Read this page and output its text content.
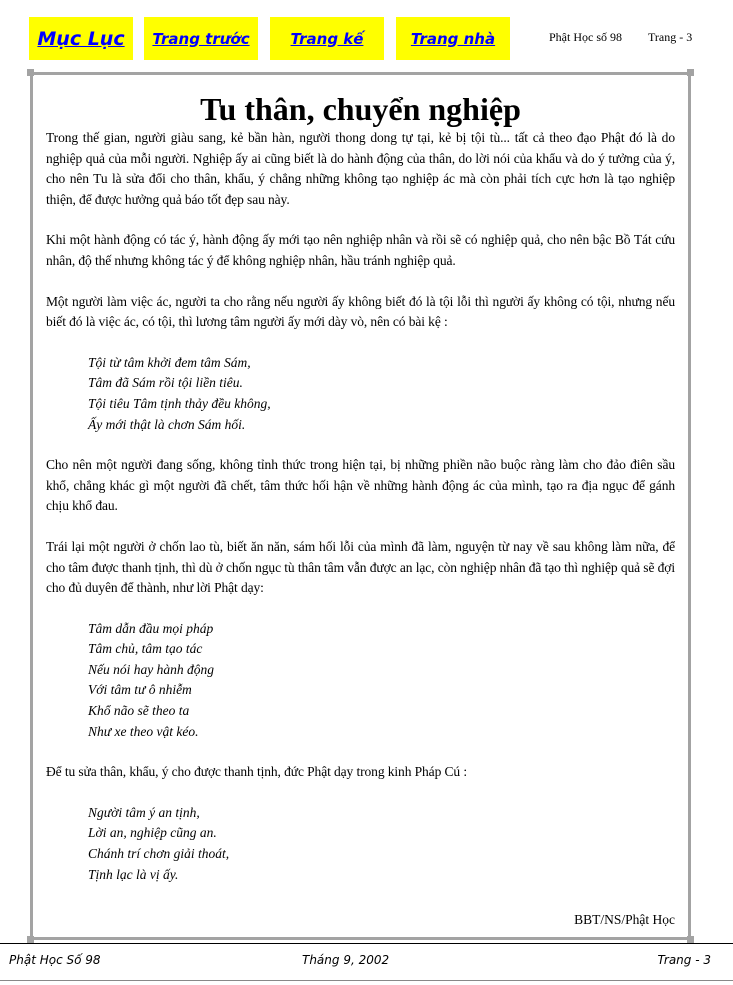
Mục Lục	Trang trước	Trang kế	Trang nhà	Phật Học số 98 Trang - 3
Tu thân, chuyển nghiệp

Trong thế gian, người giàu sang, kẻ bần hàn, người thong dong tự tại, kẻ bị tội tù... tất cả theo đạo Phật đó là do nghiệp quả của mỗi người. Nghiệp ấy ai cũng biết là do hành động của thân, do lời nói của khẩu và do ý tưởng của ý, cho nên Tu là sửa đổi cho thân, khẩu, ý chẳng những không tạo nghiệp ác mà còn phải tích cực hơn là tạo nghiệp thiện, để được hưởng quả báo tốt đẹp sau này.

Khi một hành động có tác ý, hành động ấy mới tạo nên nghiệp nhân và rồi sẽ có nghiệp quả, cho nên bậc Bồ Tát cứu nhân, độ thế nhưng không tác ý để không nghiệp nhân, hầu tránh nghiệp quả.

Một người làm việc ác, người ta cho rằng nếu người ấy không biết đó là tội lỗi thì người ấy không có tội, nhưng nếu biết đó là việc ác, có tội, thì lương tâm người ấy mới dày vò, nên có bài kệ :

Tội từ tâm khởi đem tâm Sám,
Tâm đã Sám rồi tội liền tiêu.
Tội tiêu Tâm tịnh thảy đều không,
Ấy mới thật là chơn Sám hối.

Cho nên một người đang sống, không tỉnh thức trong hiện tại, bị những phiền não buộc ràng làm cho đảo điên sầu khổ, chẳng khác gì một người đã chết, tâm thức hối hận về những hành động ác của mình, tạo ra địa ngục để gánh chịu khổ đau.

Trái lại một người ở chốn lao tù, biết ăn năn, sám hối lỗi của mình đã làm, nguyện từ nay về sau không làm nữa, để cho tâm được thanh tịnh, thì dù ở chốn ngục tù thân tâm vẫn được an lạc, còn nghiệp nhân đã tạo thì nghiệp quả sẽ đợi cho đủ duyên để thành, như lời Phật dạy:

Tâm dẫn đầu mọi pháp
Tâm chủ, tâm tạo tác
Nếu nói hay hành động
Với tâm tư ô nhiễm
Khổ não sẽ theo ta
Như xe theo vật kéo.

Để tu sửa thân, khẩu, ý cho được thanh tịnh, đức Phật dạy trong kinh Pháp Cú :

Người tâm ý an tịnh,
Lời an, nghiệp cũng an.
Chánh trí chơn giải thoát,
Tịnh lạc là vị ấy.
BBT/NS/Phật Học
Phật Học Số 98	Tháng 9, 2002	Trang - 3
